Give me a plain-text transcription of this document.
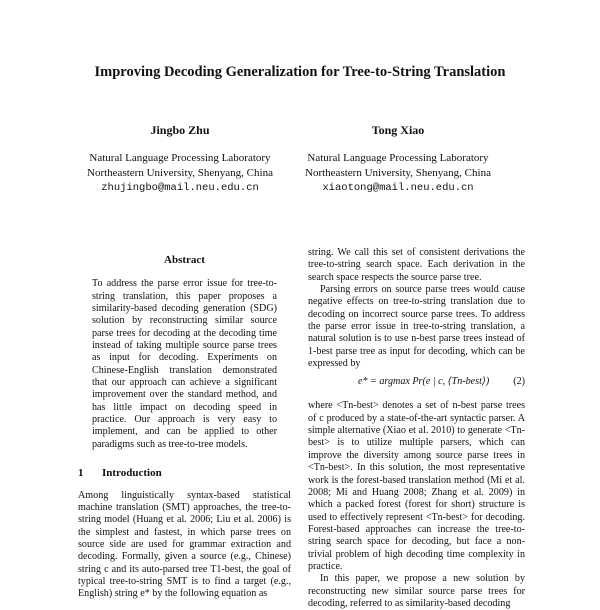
Improving Decoding Generalization for Tree-to-String Translation
Jingbo Zhu
Natural Language Processing Laboratory
Northeastern University, Shenyang, China
zhujingbo@mail.neu.edu.cn
Tong Xiao
Natural Language Processing Laboratory
Northeastern University, Shenyang, China
xiaotong@mail.neu.edu.cn
Abstract

To address the parse error issue for tree-to-string translation, this paper proposes a similarity-based decoding generation (SDG) solution by reconstructing similar source parse trees for decoding at the decoding time instead of taking multiple source parse trees as input for decoding. Experiments on Chinese-English translation demonstrated that our approach can achieve a significant improvement over the standard method, and has little impact on decoding speed in practice. Our approach is very easy to implement, and can be applied to other paradigms such as tree-to-tree models.

1 Introduction

Among linguistically syntax-based statistical machine translation (SMT) approaches, the tree-to-string model (Huang et al. 2006; Liu et al. 2006) is the simplest and fastest, in which parse trees on source side are used for grammar extraction and decoding. Formally, given a source (e.g., Chinese) string c and its auto-parsed tree T1-best, the goal of typical tree-to-string SMT is to find a target (e.g., English) string e* by the following equation as

string. We call this set of consistent derivations the tree-to-string search space. Each derivation in the search space respects the source parse tree.

Parsing errors on source parse trees would cause negative effects on tree-to-string translation due to decoding on incorrect source parse trees. To address the parse error issue in tree-to-string translation, a natural solution is to use n-best parse trees instead of 1-best parse tree as input for decoding, which can be expressed by

e* = argmax Pr(e | c, ⟨Tn-best⟩) (2)

where <Tn-best> denotes a set of n-best parse trees of c produced by a state-of-the-art syntactic parser. A simple alternative (Xiao et al. 2010) to generate <Tn-best> is to utilize multiple parsers, which can improve the diversity among source parse trees in <Tn-best>. In this solution, the most representative work is the forest-based translation method (Mi et al. 2008; Mi and Huang 2008; Zhang et al. 2009) in which a packed forest (forest for short) structure is used to effectively represent <Tn-best> for decoding. Forest-based approaches can increase the tree-to-string search space for decoding, but face a non-trivial problem of high decoding time complexity in practice.

In this paper, we propose a new solution by reconstructing new similar source parse trees for decoding, referred to as similarity-based decoding
